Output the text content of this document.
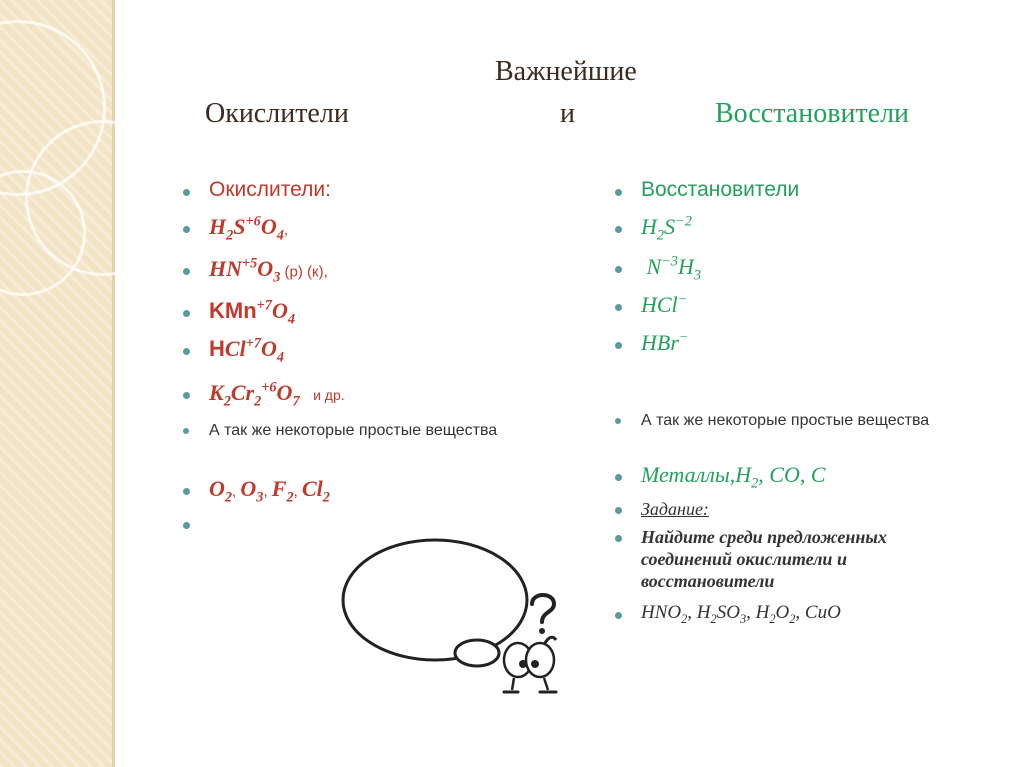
Важнейшие
Окислители	и	Восстановители
Окислители:
$H_2S^{+6}O_4$,
$HN^{+5}O_3$ (р) (к),
$KMn^{+7}O_4$
$HCl^{+7}O_4$
$K_2Cr_2^{+6}O_7$ и др.
А так же некоторые простые вещества
$O_2$, $O_3$, $F_2$, $Cl_2$
Восстановители
$H_2S^{-2}$
$N^{-3}H_3$
HCl−
HBr−
А так же некоторые простые вещества
$Металлы,H_2$, CO, C
Задание:
Найдите среди предложенных соединений окислители и восстановители
$HNO_2$, $H_2SO_3$, $H_2O_2$, CuO
